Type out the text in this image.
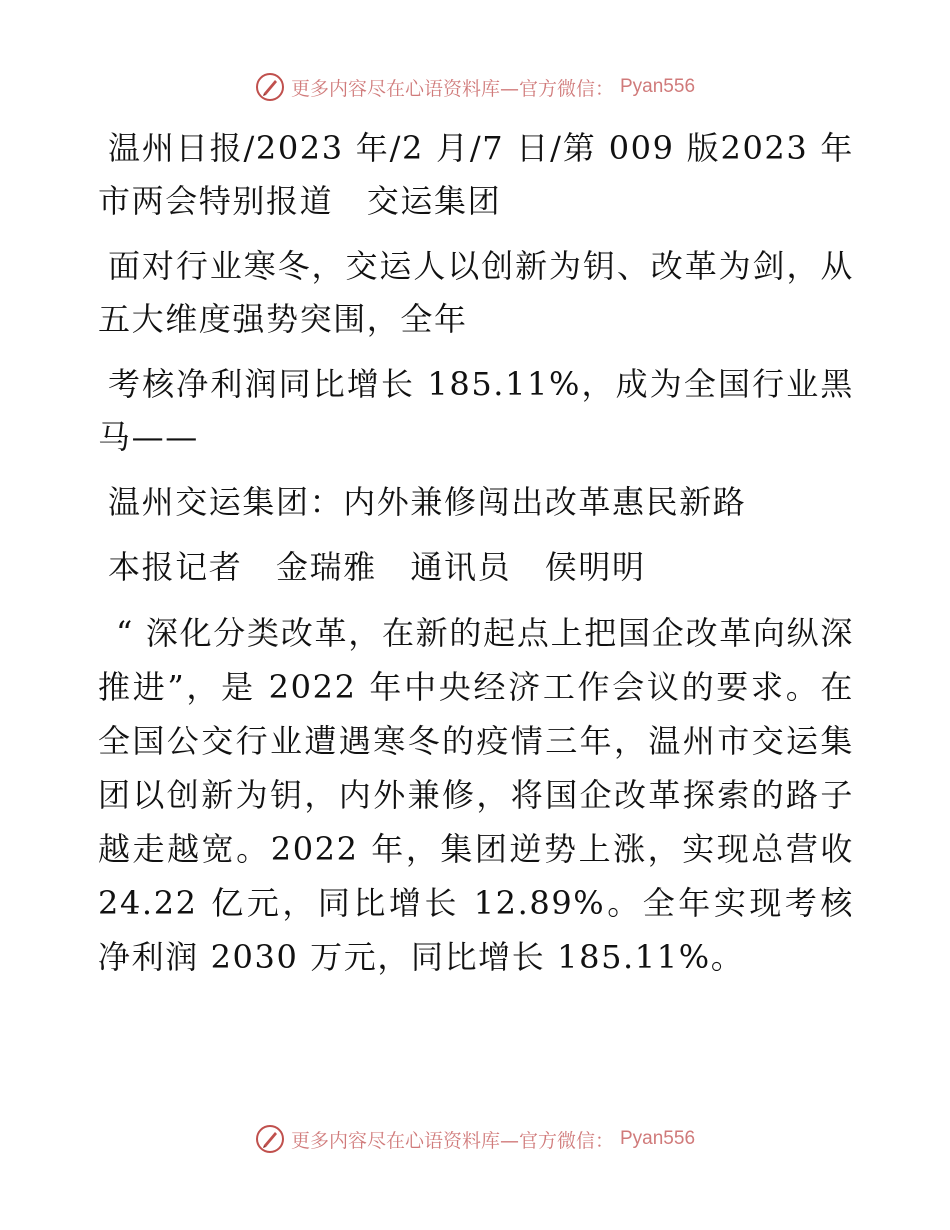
更多内容尽在心语资料库—官方微信： Pyan556

温州日报/2023 年/2 月/7 日/第 009 版2023 年市两会特别报道　交运集团

面对行业寒冬，交运人以创新为钥、改革为剑，从五大维度强势突围，全年

考核净利润同比增长 185.11%，成为全国行业黑马——

温州交运集团：内外兼修闯出改革惠民新路

本报记者　金瑞雅　通讯员　侯明明

“ 深化分类改革，在新的起点上把国企改革向纵深推进”，是 2022 年中央经济工作会议的要求。在全国公交行业遭遇寒冬的疫情三年，温州市交运集团以创新为钥，内外兼修，将国企改革探索的路子越走越宽。2022 年，集团逆势上涨，实现总营收 24.22 亿元，同比增长 12.89%。全年实现考核净利润 2030 万元，同比增长 185.11%。

更多内容尽在心语资料库—官方微信： Pyan556
